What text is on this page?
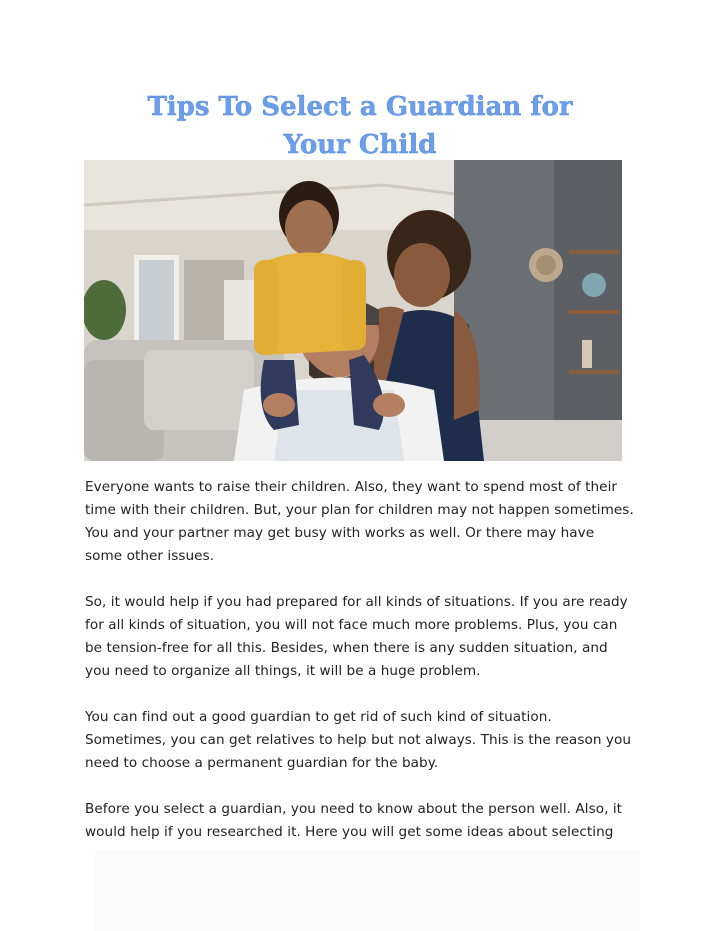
Tips To Select a Guardian for
Your Child

Everyone wants to raise their children. Also, they want to spend most of their
time with their children. But, your plan for children may not happen sometimes.
You and your partner may get busy with works as well. Or there may have
some other issues.

So, it would help if you had prepared for all kinds of situations. If you are ready
for all kinds of situation, you will not face much more problems. Plus, you can
be tension-free for all this. Besides, when there is any sudden situation, and
you need to organize all things, it will be a huge problem.

You can find out a good guardian to get rid of such kind of situation.
Sometimes, you can get relatives to help but not always. This is the reason you
need to choose a permanent guardian for the baby.

Before you select a guardian, you need to know about the person well. Also, it
would help if you researched it. Here you will get some ideas about selecting
